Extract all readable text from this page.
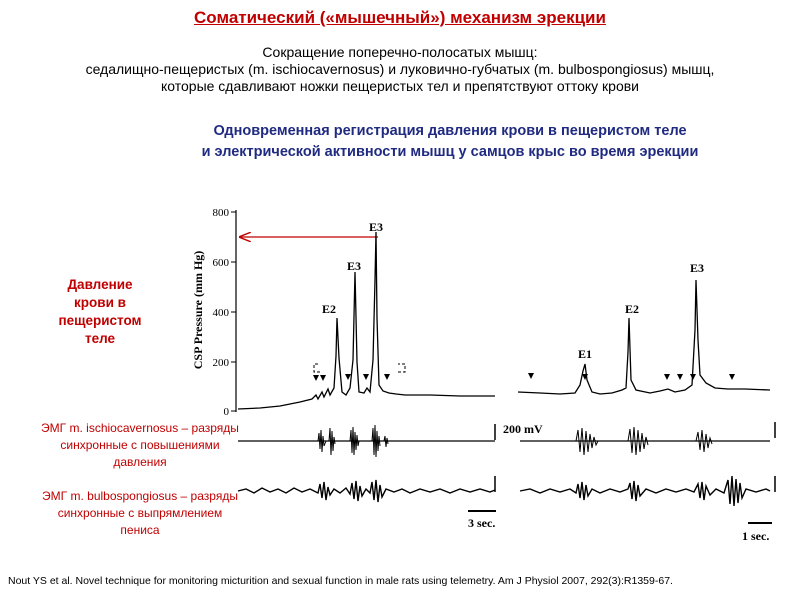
Соматический («мышечный») механизм эрекции
Сокращение поперечно-полосатых мышц:
седалищно-пещеристых (m. ischiocavernosus) и луковично-губчатых (m. bulbospongiosus) мышц,
которые сдавливают ножки пещеристых тел и препятствуют оттоку крови
Одновременная регистрация давления крови в пещеристом теле
и электрической активности мышц у самцов крыс во время эрекции
Давление крови в пещеристом теле
ЭМГ m. ischiocavernosus – разряды синхронные с повышениями давления
ЭМГ m. bulbospongiosus – разряды синхронные с выпрямлением пениса
800
600
400
200
0
CSP Pressure (mm Hg)	E2
E3
E3
E1
E2
E3
200 mV
3 sec.
1 sec.
Nout YS et al. Novel technique for monitoring micturition and sexual function in male rats using telemetry. Am J Physiol 2007, 292(3):R1359-67.
